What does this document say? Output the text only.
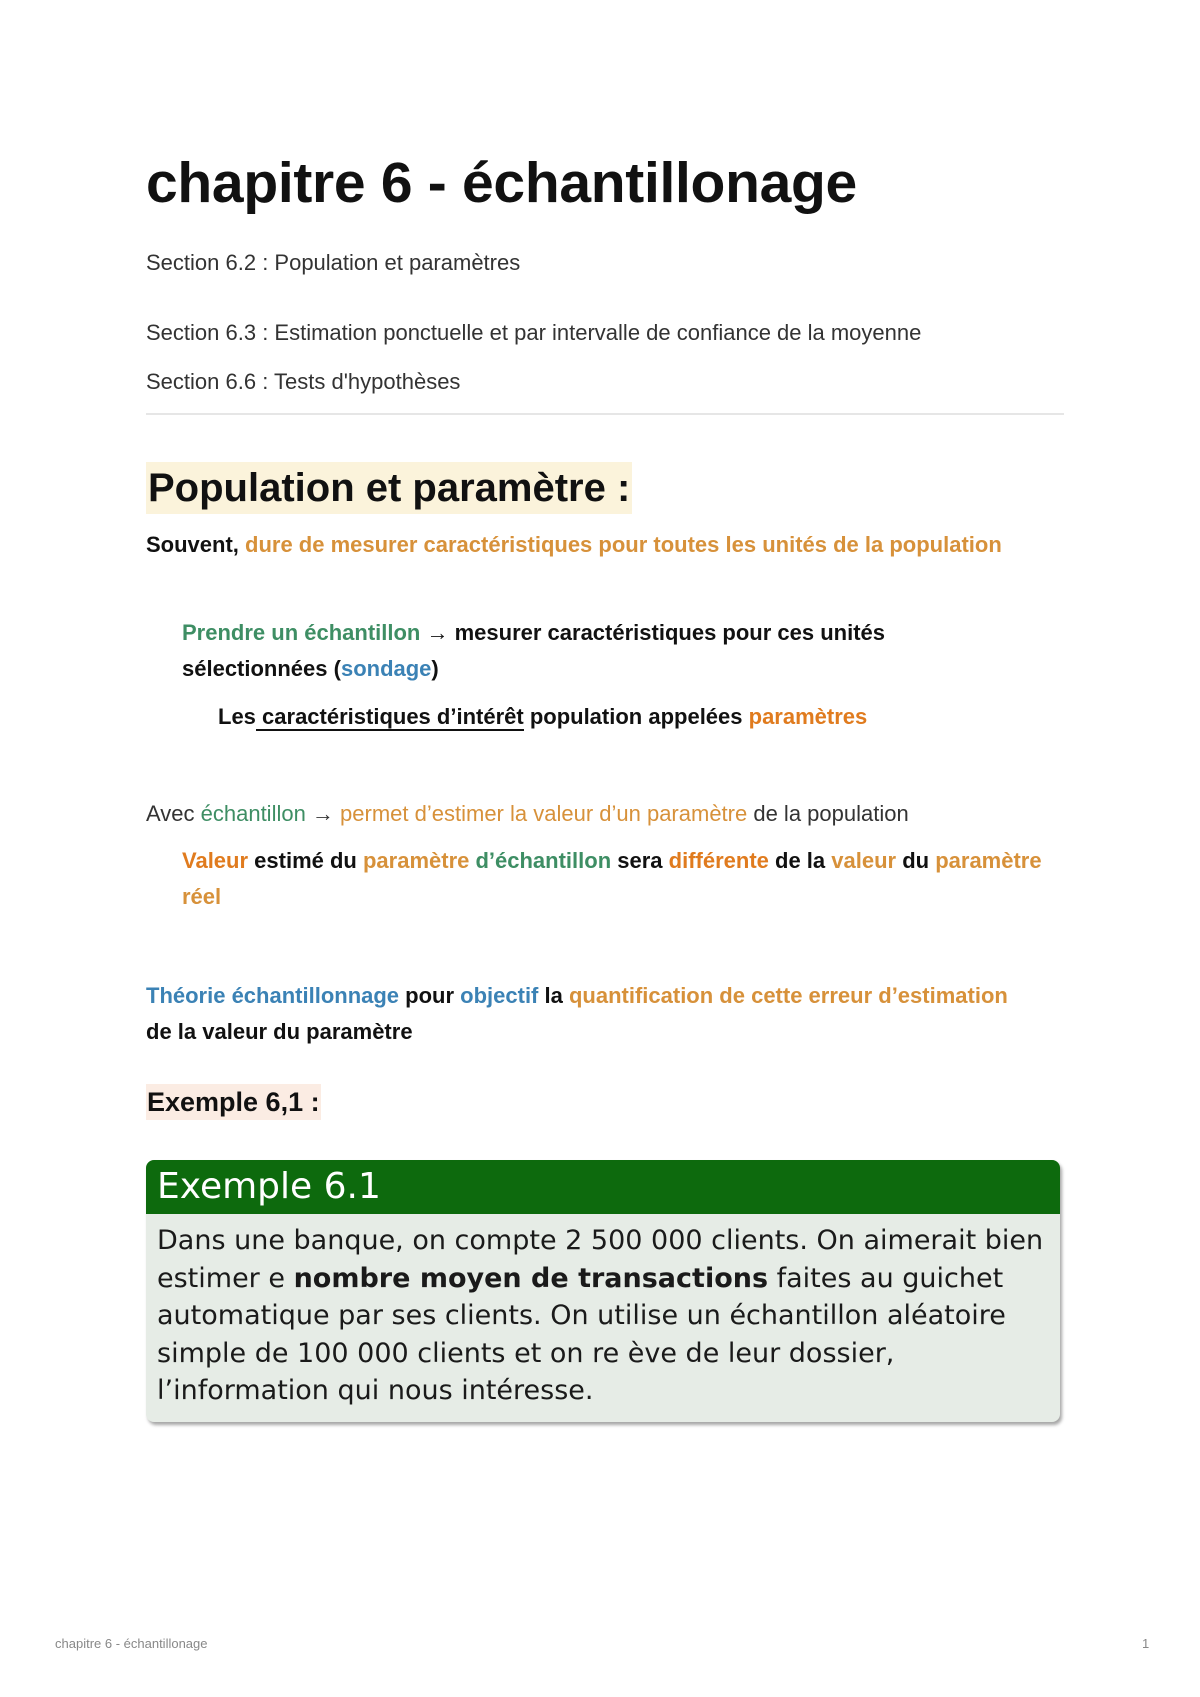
chapitre 6 - échantillonage
Section 6.2 : Population et paramètres
Section 6.3 : Estimation ponctuelle et par intervalle de confiance de la moyenne
Section 6.6 : Tests d'hypothèses
Population et paramètre :

Souvent, dure de mesurer caractéristiques pour toutes les unités de la population

Prendre un échantillon → mesurer caractéristiques pour ces unités sélectionnées (sondage)

Les caractéristiques d’intérêt population appelées paramètres

Avec échantillon → permet d’estimer la valeur d’un paramètre de la population

Valeur estimé du paramètre d’échantillon sera différente de la valeur du paramètre réel

Théorie échantillonnage pour objectif la quantification de cette erreur d’estimation de la valeur du paramètre

Exemple 6,1 :
Exemple 6.1
Dans une banque, on compte 2 500 000 clients. On aimerait bien estimer e nombre moyen de transactions faites au guichet automatique par ses clients. On utilise un échantillon aléatoire simple de 100 000 clients et on re ève de leur dossier, l’information qui nous intéresse.
chapitre 6 - échantillonage	1
